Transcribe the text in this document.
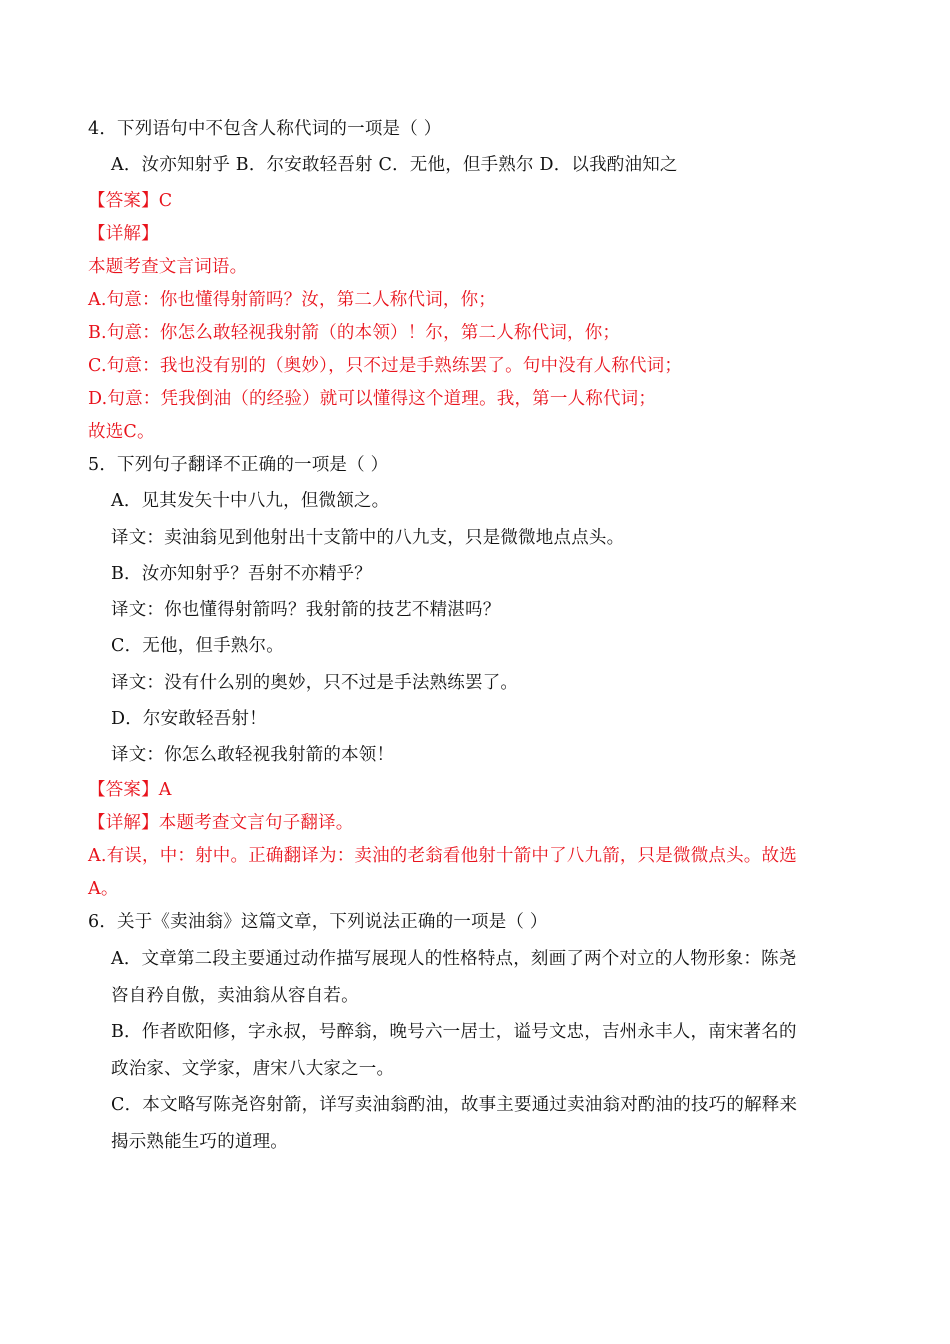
4．下列语句中不包含人称代词的一项是（ ）
A．汝亦知射乎 B．尔安敢轻吾射 C．无他，但手熟尔 D．以我酌油知之
【答案】C
【详解】
本题考查文言词语。
A.句意：你也懂得射箭吗？汝，第二人称代词，你；
B.句意：你怎么敢轻视我射箭（的本领）！尔，第二人称代词，你；
C.句意：我也没有别的（奥妙），只不过是手熟练罢了。句中没有人称代词；
D.句意：凭我倒油（的经验）就可以懂得这个道理。我，第一人称代词；
故选C。
5．下列句子翻译不正确的一项是（ ）
A．见其发矢十中八九，但微颔之。
译文：卖油翁见到他射出十支箭中的八九支，只是微微地点点头。
B．汝亦知射乎？吾射不亦精乎？
译文：你也懂得射箭吗？我射箭的技艺不精湛吗？
C．无他，但手熟尔。
译文：没有什么别的奥妙，只不过是手法熟练罢了。
D．尔安敢轻吾射！
译文：你怎么敢轻视我射箭的本领！
【答案】A
【详解】本题考查文言句子翻译。
A.有误，中：射中。正确翻译为：卖油的老翁看他射十箭中了八九箭，只是微微点头。故选
A。
6．关于《卖油翁》这篇文章，下列说法正确的一项是（ ）
A．文章第二段主要通过动作描写展现人的性格特点，刻画了两个对立的人物形象：陈尧
咨自矜自傲，卖油翁从容自若。
B．作者欧阳修，字永叔，号醉翁，晚号六一居士，谥号文忠，吉州永丰人，南宋著名的
政治家、文学家，唐宋八大家之一。
C．本文略写陈尧咨射箭，详写卖油翁酌油，故事主要通过卖油翁对酌油的技巧的解释来
揭示熟能生巧的道理。
